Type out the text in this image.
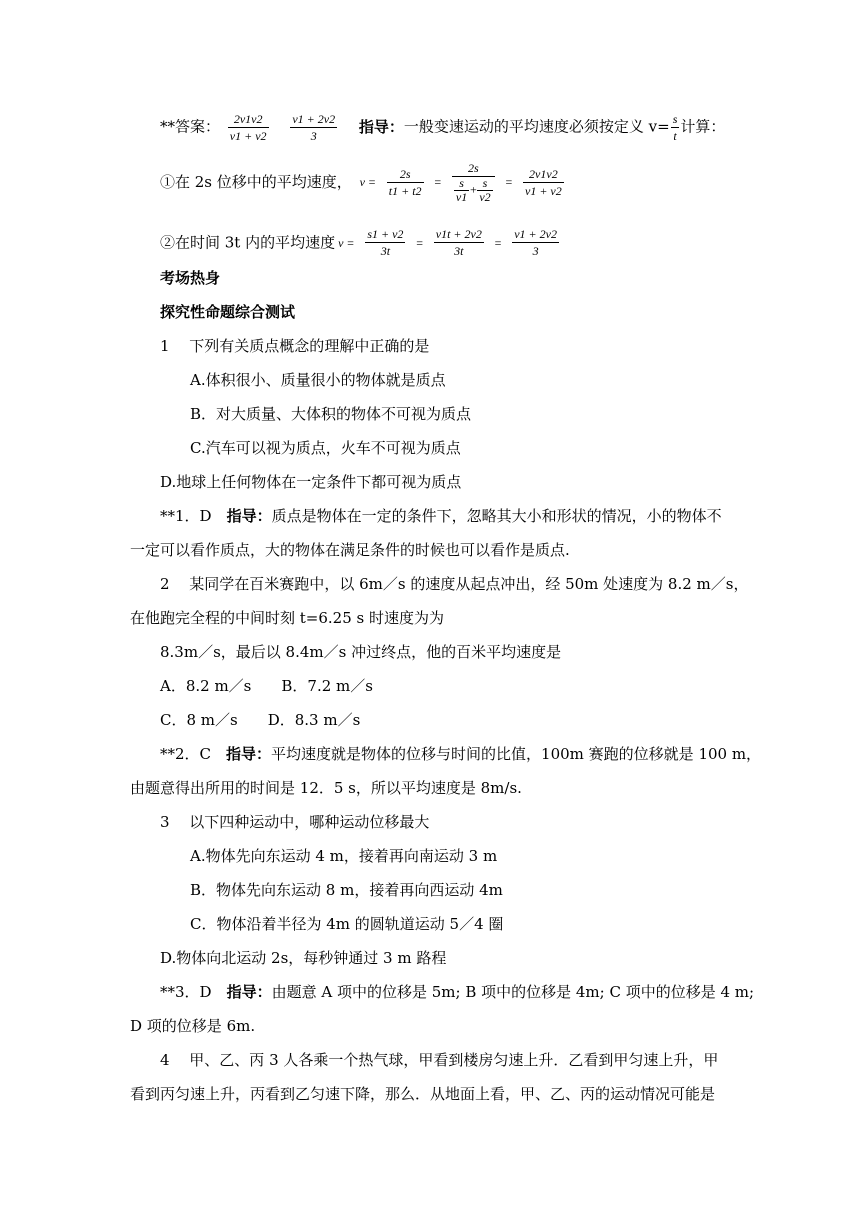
**答案： $\frac{2v1v2}{v1 + v2}$
$\frac{v1 + 2v2}{3}$ 指导：一般变速运动的平均速度必须按定义 $v= \frac{s}{t}$ 计算：
①在 2s 位移中的平均速度， $v = \frac{2s}{t1 + t2} = \frac{2s}{\frac{s}{v1} + \frac{s}{v2}} = \frac{2v1v2}{v1 + v2}$
②在时间 3t 内的平均速度 $v = \frac{s1 + v2}{3t} = \frac{v1t + 2v2}{3t} = \frac{v1 + 2v2}{3}$
考场热身
探究性命题综合测试
1　 下列有关质点概念的理解中正确的是
A.体积很小、质量很小的物体就是质点
B．对大质量、大体积的物体不可视为质点
C.汽车可以视为质点，火车不可视为质点
D.地球上任何物体在一定条件下都可视为质点
**1．D　指导：质点是物体在一定的条件下，忽略其大小和形状的情况，小的物体不
一定可以看作质点，大的物体在满足条件的时候也可以看作是质点.
2　 某同学在百米赛跑中，以 6m／s 的速度从起点冲出，经 50m 处速度为 8.2 m／s，
在他跑完全程的中间时刻 t=6.25 s 时速度为为
8.3m／s，最后以 8.4m／s 冲过终点，他的百米平均速度是
A．8.2 m／s　　B．7.2 m／s
C．8 m／s　　D．8.3 m／s
**2．C　指导：平均速度就是物体的位移与时间的比值，100m 赛跑的位移就是 100 m，
由题意得出所用的时间是 12．5 s，所以平均速度是 8m/s.
3　 以下四种运动中，哪种运动位移最大
A.物体先向东运动 4 m，接着再向南运动 3 m
B．物体先向东运动 8 m，接着再向西运动 4m
C．物体沿着半径为 4m 的圆轨道运动 5／4 圈
D.物体向北运动 2s，每秒钟通过 3 m 路程
**3．D　指导：由题意 A 项中的位移是 5m; B 项中的位移是 4m; C 项中的位移是 4 m;
D 项的位移是 6m.
4　 甲、乙、丙 3 人各乘一个热气球，甲看到楼房匀速上升．乙看到甲匀速上升，甲
看到丙匀速上升，丙看到乙匀速下降，那么．从地面上看，甲、乙、丙的运动情况可能是
